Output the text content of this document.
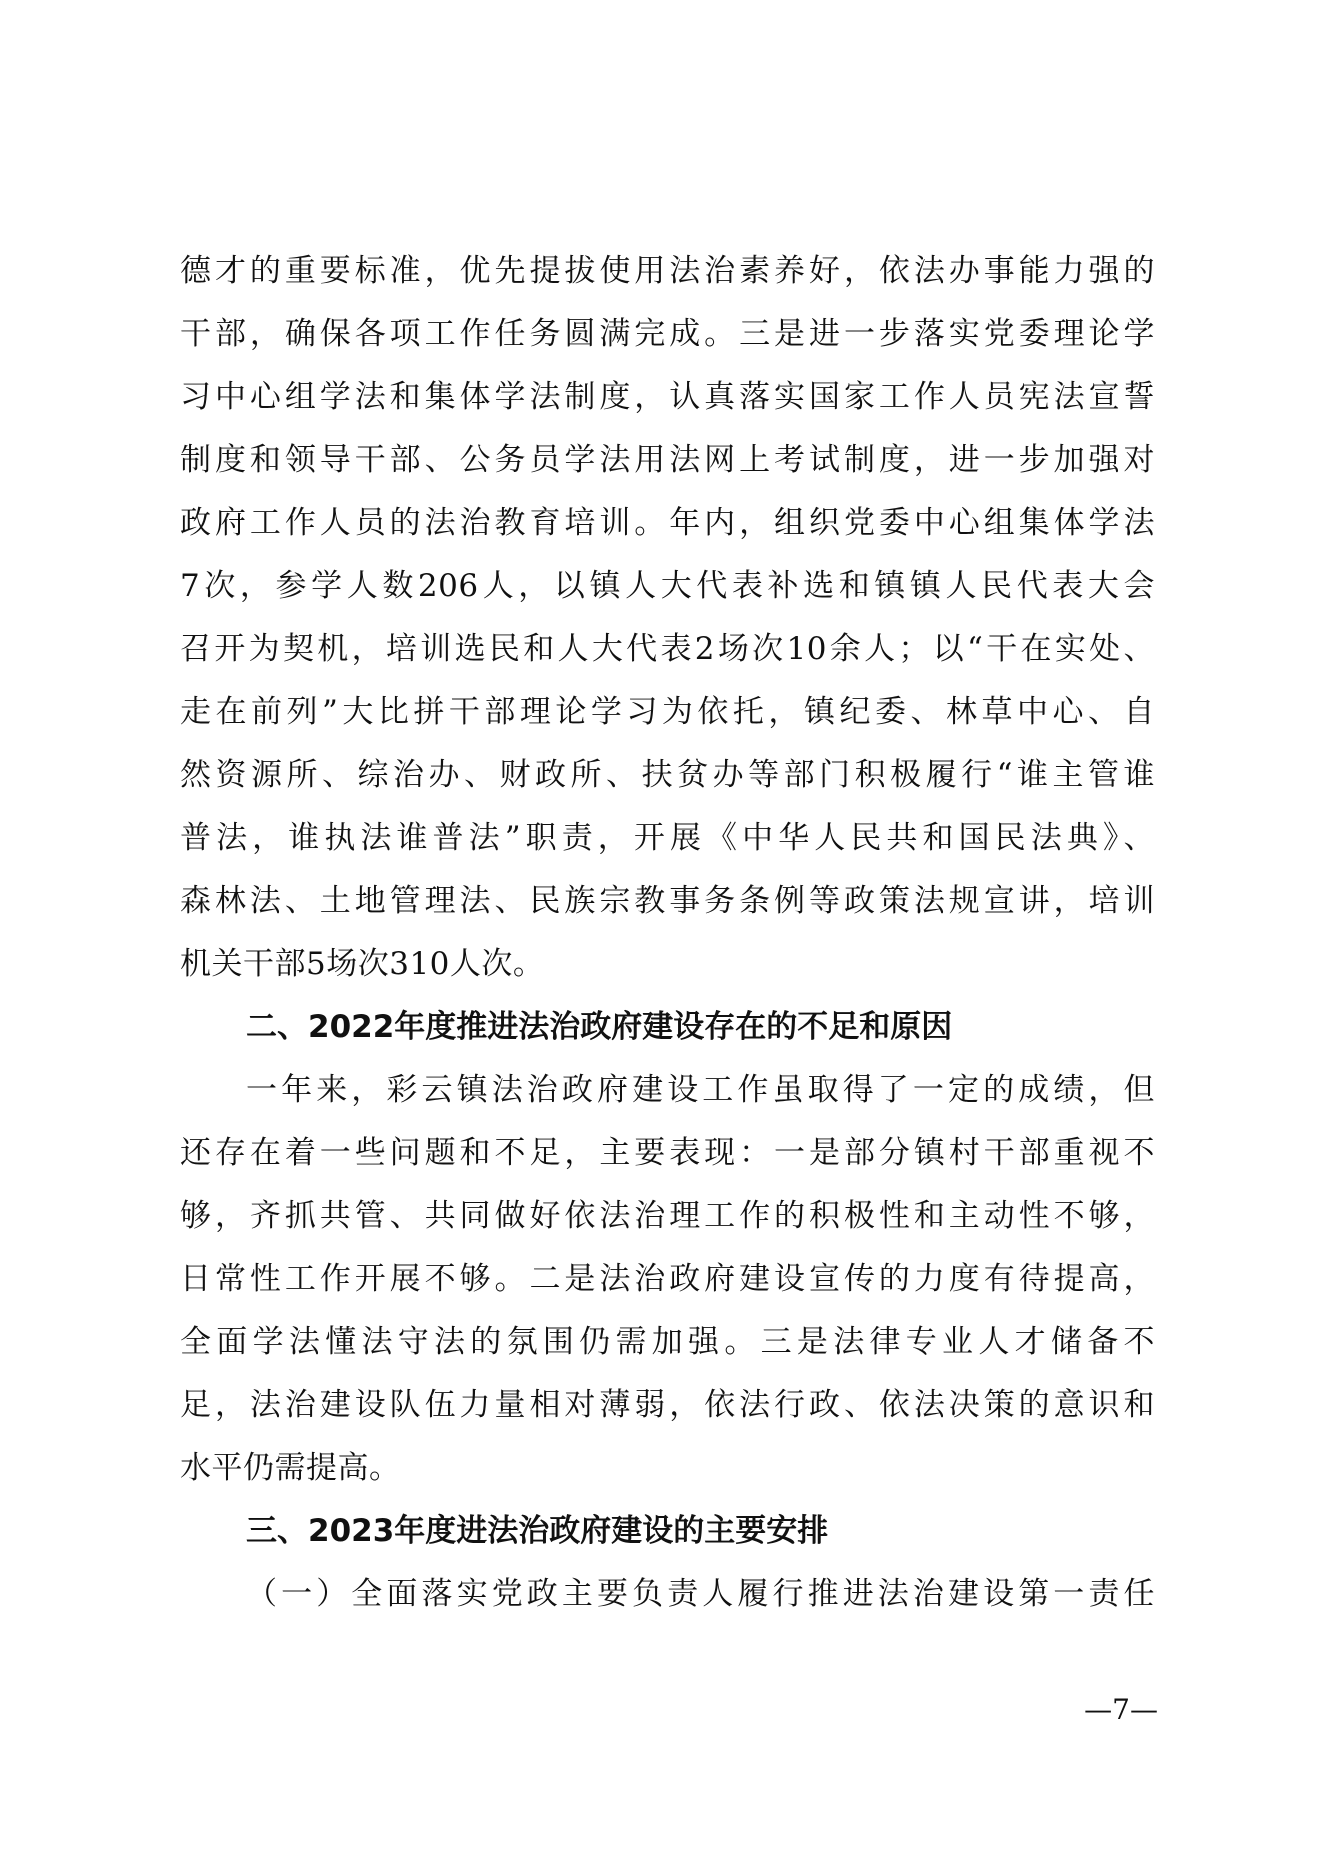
德才的重要标准，优先提拔使用法治素养好，依法办事能力强的
干部，确保各项工作任务圆满完成。三是进一步落实党委理论学
习中心组学法和集体学法制度，认真落实国家工作人员宪法宣誓
制度和领导干部、公务员学法用法网上考试制度，进一步加强对
政府工作人员的法治教育培训。年内，组织党委中心组集体学法
7次，参学人数206人，以镇人大代表补选和镇镇人民代表大会
召开为契机，培训选民和人大代表2场次10余人；以“干在实处、
走在前列”大比拼干部理论学习为依托，镇纪委、林草中心、自
然资源所、综治办、财政所、扶贫办等部门积极履行“谁主管谁
普法，谁执法谁普法”职责，开展《中华人民共和国民法典》、
森林法、土地管理法、民族宗教事务条例等政策法规宣讲，培训
机关干部5场次310人次。
二、2022年度推进法治政府建设存在的不足和原因
一年来，彩云镇法治政府建设工作虽取得了一定的成绩，但
还存在着一些问题和不足，主要表现：一是部分镇村干部重视不
够，齐抓共管、共同做好依法治理工作的积极性和主动性不够，
日常性工作开展不够。二是法治政府建设宣传的力度有待提高，
全面学法懂法守法的氛围仍需加强。三是法律专业人才储备不
足，法治建设队伍力量相对薄弱，依法行政、依法决策的意识和
水平仍需提高。
三、2023年度进法治政府建设的主要安排
（一）全面落实党政主要负责人履行推进法治建设第一责任
—7—
